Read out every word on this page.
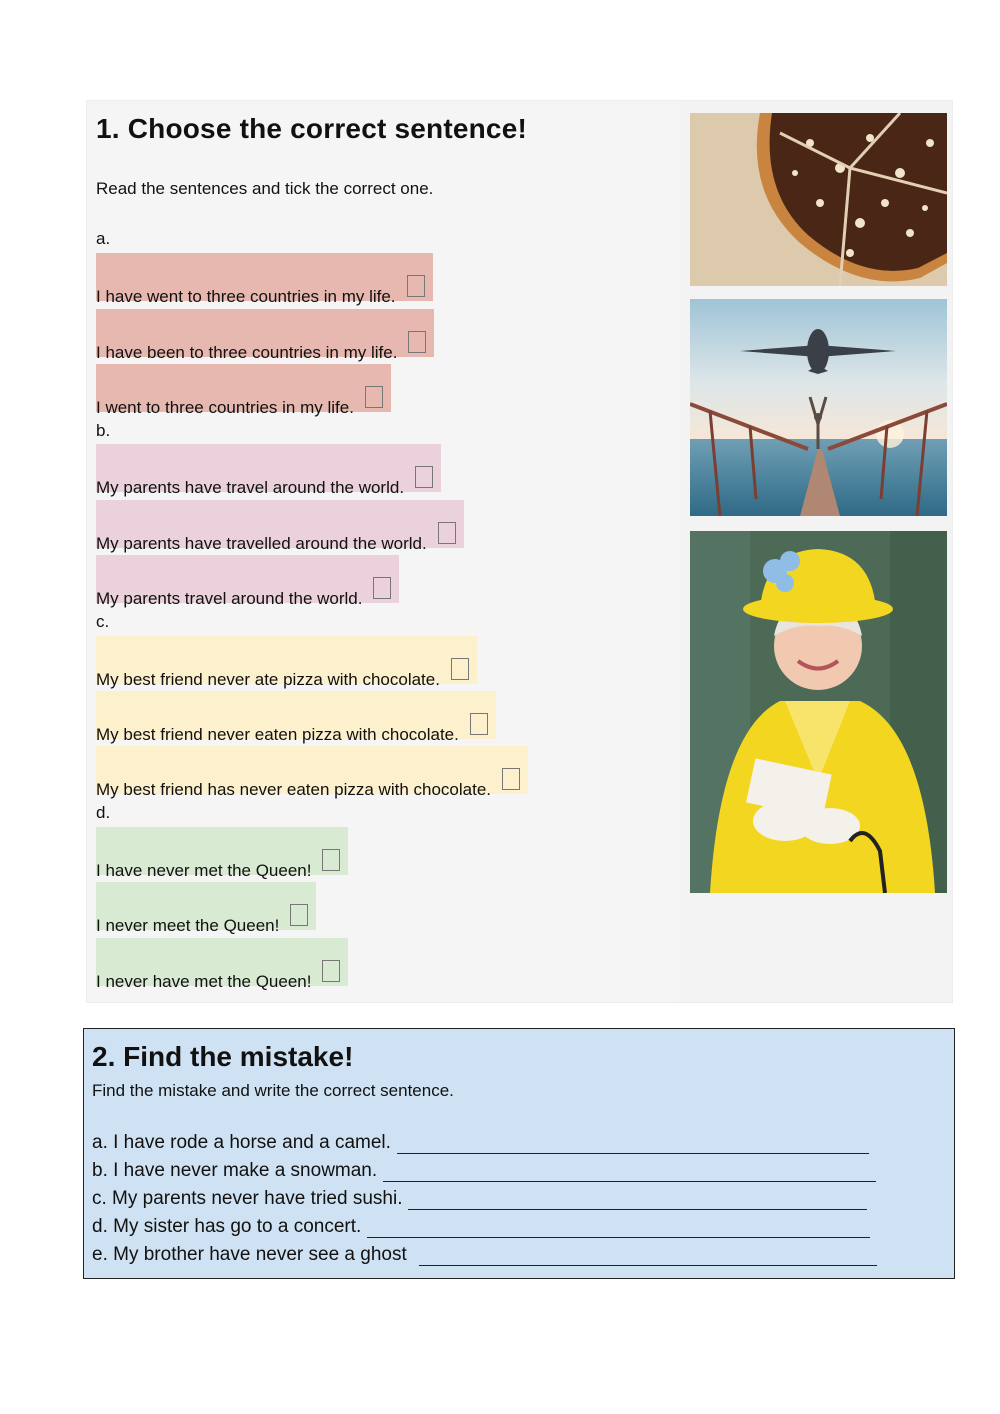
1. Choose the correct sentence!
Read the sentences and tick the correct one.
a.
I have went to three countries in my life.
I have been to three countries in my life.
I went to three countries in my life.
b.
My parents have travel around the world.
My parents have travelled around the world.
My parents travel around the world.
c.
My best friend never ate pizza with chocolate.
My best friend never eaten pizza with chocolate.
My best friend has never eaten pizza with chocolate.
d.
I have never met the Queen!
I never meet the Queen!
I never have met the Queen!
2. Find the mistake!
Find the mistake and write the correct sentence.
a. I have rode a horse and a camel.
b. I have never make a snowman.
c. My parents never have tried sushi.
d. My sister has go to a concert.
e. My brother have never see a ghost
